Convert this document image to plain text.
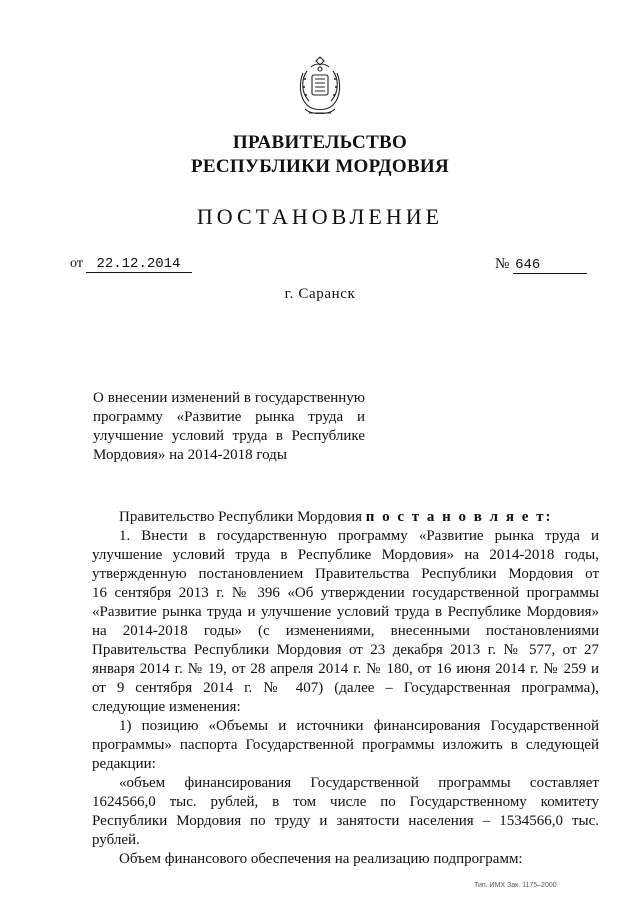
ПРАВИТЕЛЬСТВО
РЕСПУБЛИКИ МОРДОВИЯ
ПОСТАНОВЛЕНИЕ
от 22.12.2014	№ 646
г. Саранск
О внесении изменений в государственную
программу «Развитие рынка труда и
улучшение условий труда в Республике
Мордовия» на 2014-2018 годы
Правительство Республики Мордовия п о с т а н о в л я е т:
1. Внести в государственную программу «Развитие рынка труда и
улучшение условий труда в Республике Мордовия» на 2014-2018 годы,
утвержденную постановлением Правительства Республики Мордовия от
16 сентября 2013 г. № 396 «Об утверждении государственной программы
«Развитие рынка труда и улучшение условий труда в Республике Мордовия»
на 2014-2018 годы» (с изменениями, внесенными постановлениями
Правительства Республики Мордовия от 23 декабря 2013 г. № 577, от 27
января 2014 г. № 19, от 28 апреля 2014 г. № 180, от 16 июня 2014 г. № 259 и
от 9 сентября 2014 г. № 407) (далее – Государственная программа),
следующие изменения:
1) позицию «Объемы и источники финансирования Государственной
программы» паспорта Государственной программы изложить в следующей
редакции:
«объем финансирования Государственной программы составляет
1624566,0 тыс. рублей, в том числе по Государственному комитету
Республики Мордовия по труду и занятости населения – 1534566,0 тыс.
рублей.
Объем финансового обеспечения на реализацию подпрограмм:
Тип. ИМХ Зак. 1175–2000.
